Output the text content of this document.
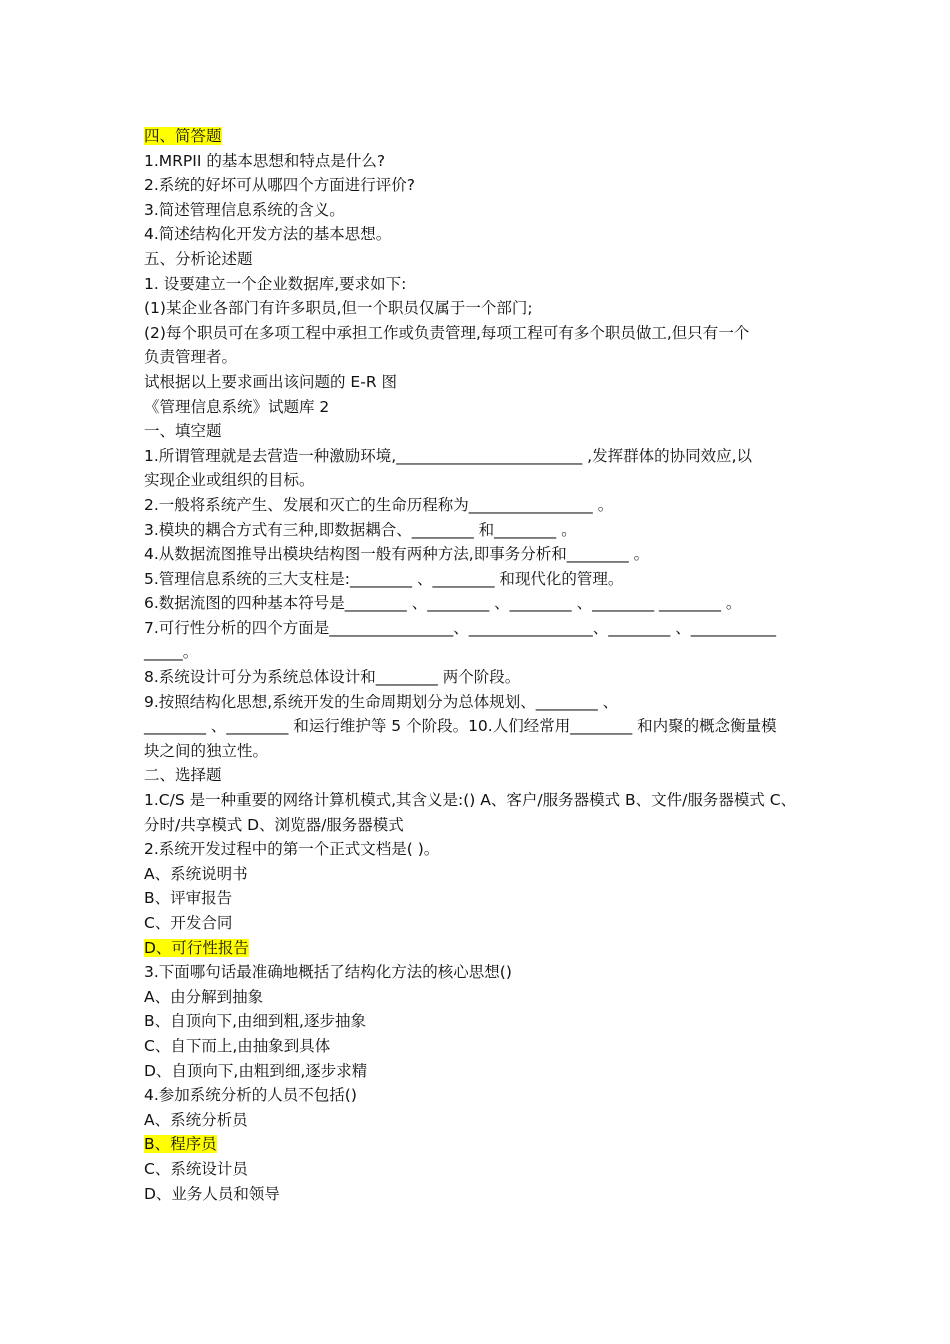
四、简答题
1.MRPII 的基本思想和特点是什么?
2.系统的好坏可从哪四个方面进行评价?
3.简述管理信息系统的含义。
4.简述结构化开发方法的基本思想。
五、分析论述题
1. 设要建立一个企业数据库,要求如下:
(1)某企业各部门有许多职员,但一个职员仅属于一个部门;
(2)每个职员可在多项工程中承担工作或负责管理,每项工程可有多个职员做工,但只有一个
负责管理者。
试根据以上要求画出该问题的 E-R 图
《管理信息系统》试题库 2
一、填空题
1.所谓管理就是去营造一种激励环境,________________________ ,发挥群体的协同效应,以
实现企业或组织的目标。
2.一般将系统产生、发展和灭亡的生命历程称为________________ 。
3.模块的耦合方式有三种,即数据耦合、________ 和________ 。
4.从数据流图推导出模块结构图一般有两种方法,即事务分析和________ 。
5.管理信息系统的三大支柱是:________ 、________ 和现代化的管理。
6.数据流图的四种基本符号是________ 、________ 、________ 、________ ________ 。
7.可行性分析的四个方面是________________、________________、________ 、___________
_____。
8.系统设计可分为系统总体设计和________ 两个阶段。
9.按照结构化思想,系统开发的生命周期划分为总体规划、________ 、
________ 、________ 和运行维护等 5 个阶段。10.人们经常用________ 和内聚的概念衡量模
块之间的独立性。
二、选择题
1.C/S 是一种重要的网络计算机模式,其含义是:() A、客户/服务器模式 B、文件/服务器模式 C、
分时/共享模式 D、浏览器/服务器模式
2.系统开发过程中的第一个正式文档是( )。
A、系统说明书
B、评审报告
C、开发合同
D、可行性报告
3.下面哪句话最准确地概括了结构化方法的核心思想()
A、由分解到抽象
B、自顶向下,由细到粗,逐步抽象
C、自下而上,由抽象到具体
D、自顶向下,由粗到细,逐步求精
4.参加系统分析的人员不包括()
A、系统分析员
B、程序员
C、系统设计员
D、业务人员和领导
